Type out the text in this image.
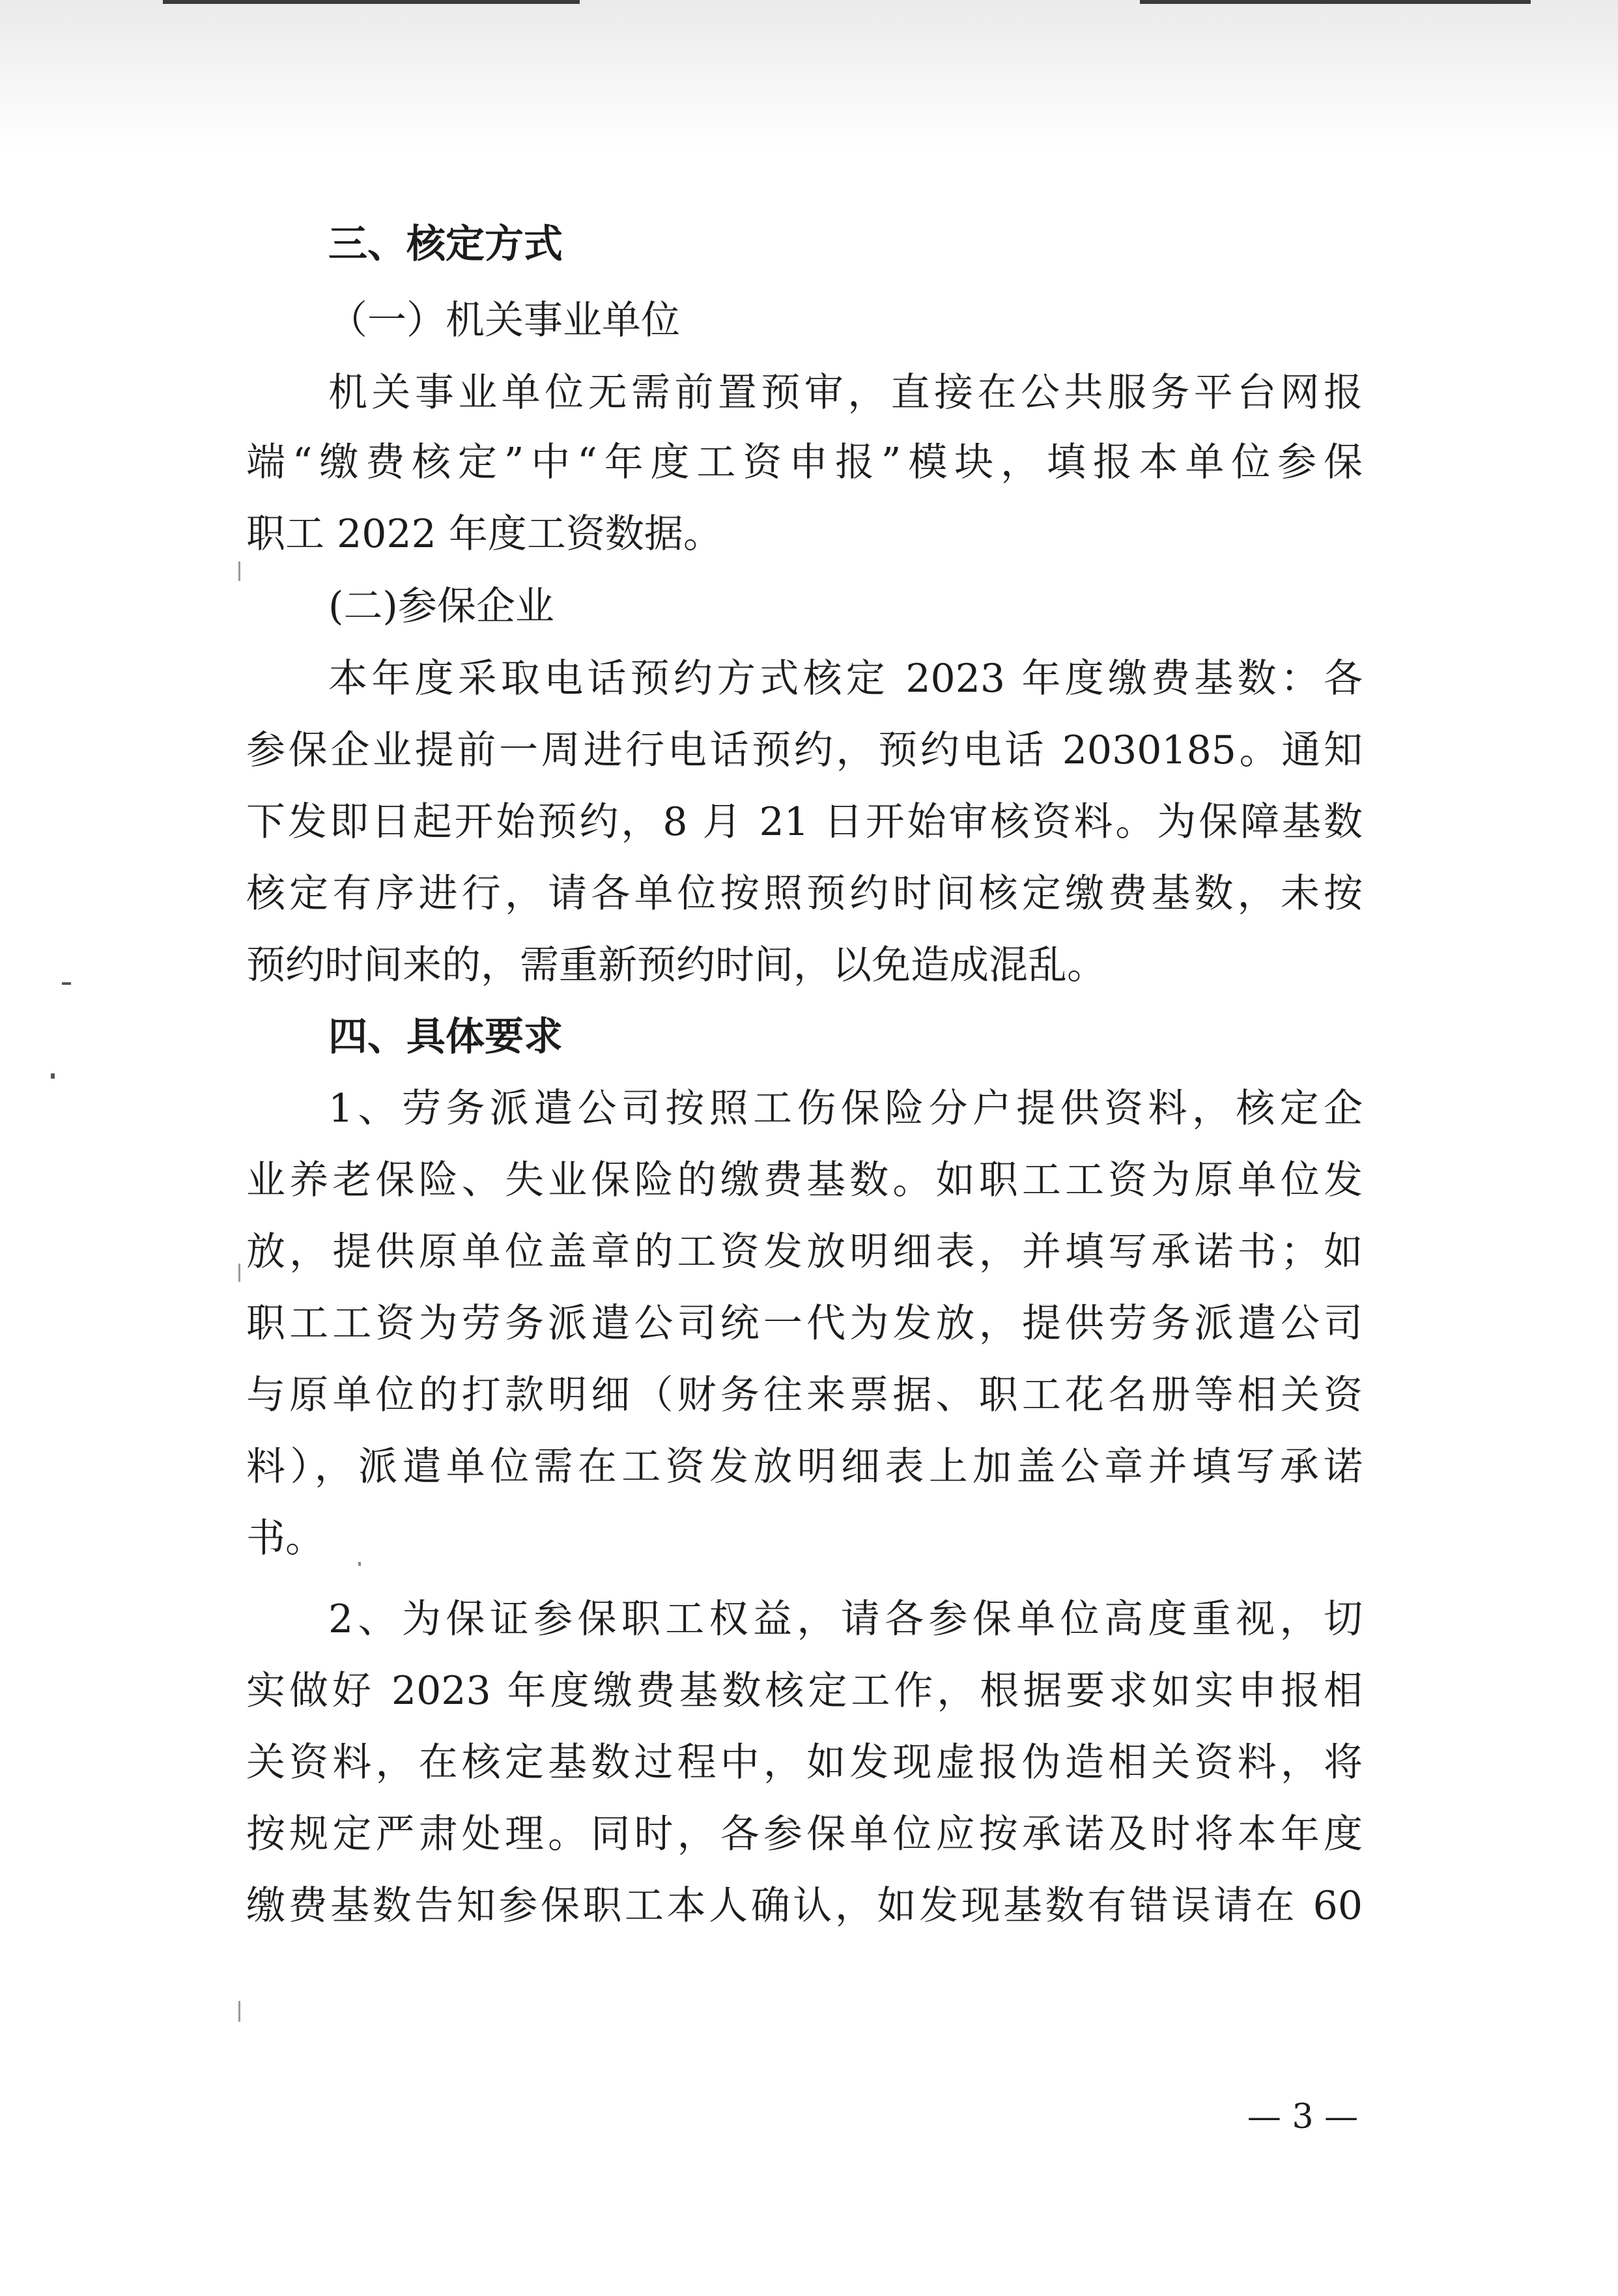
三、核定方式
（一）机关事业单位
机关事业单位无需前置预审，直接在公共服务平台网报
端“缴费核定”中“年度工资申报”模块，填报本单位参保
职工 2022 年度工资数据。
(二)参保企业
本年度采取电话预约方式核定 2023 年度缴费基数：各
参保企业提前一周进行电话预约，预约电话 2030185。通知
下发即日起开始预约，8 月 21 日开始审核资料。为保障基数
核定有序进行，请各单位按照预约时间核定缴费基数，未按
预约时间来的，需重新预约时间，以免造成混乱。
四、具体要求
1、劳务派遣公司按照工伤保险分户提供资料，核定企
业养老保险、失业保险的缴费基数。如职工工资为原单位发
放，提供原单位盖章的工资发放明细表，并填写承诺书；如
职工工资为劳务派遣公司统一代为发放，提供劳务派遣公司
与原单位的打款明细（财务往来票据、职工花名册等相关资
料），派遣单位需在工资发放明细表上加盖公章并填写承诺
书。
2、为保证参保职工权益，请各参保单位高度重视，切
实做好 2023 年度缴费基数核定工作，根据要求如实申报相
关资料，在核定基数过程中，如发现虚报伪造相关资料，将
按规定严肃处理。同时，各参保单位应按承诺及时将本年度
缴费基数告知参保职工本人确认，如发现基数有错误请在 60
— 3 —
